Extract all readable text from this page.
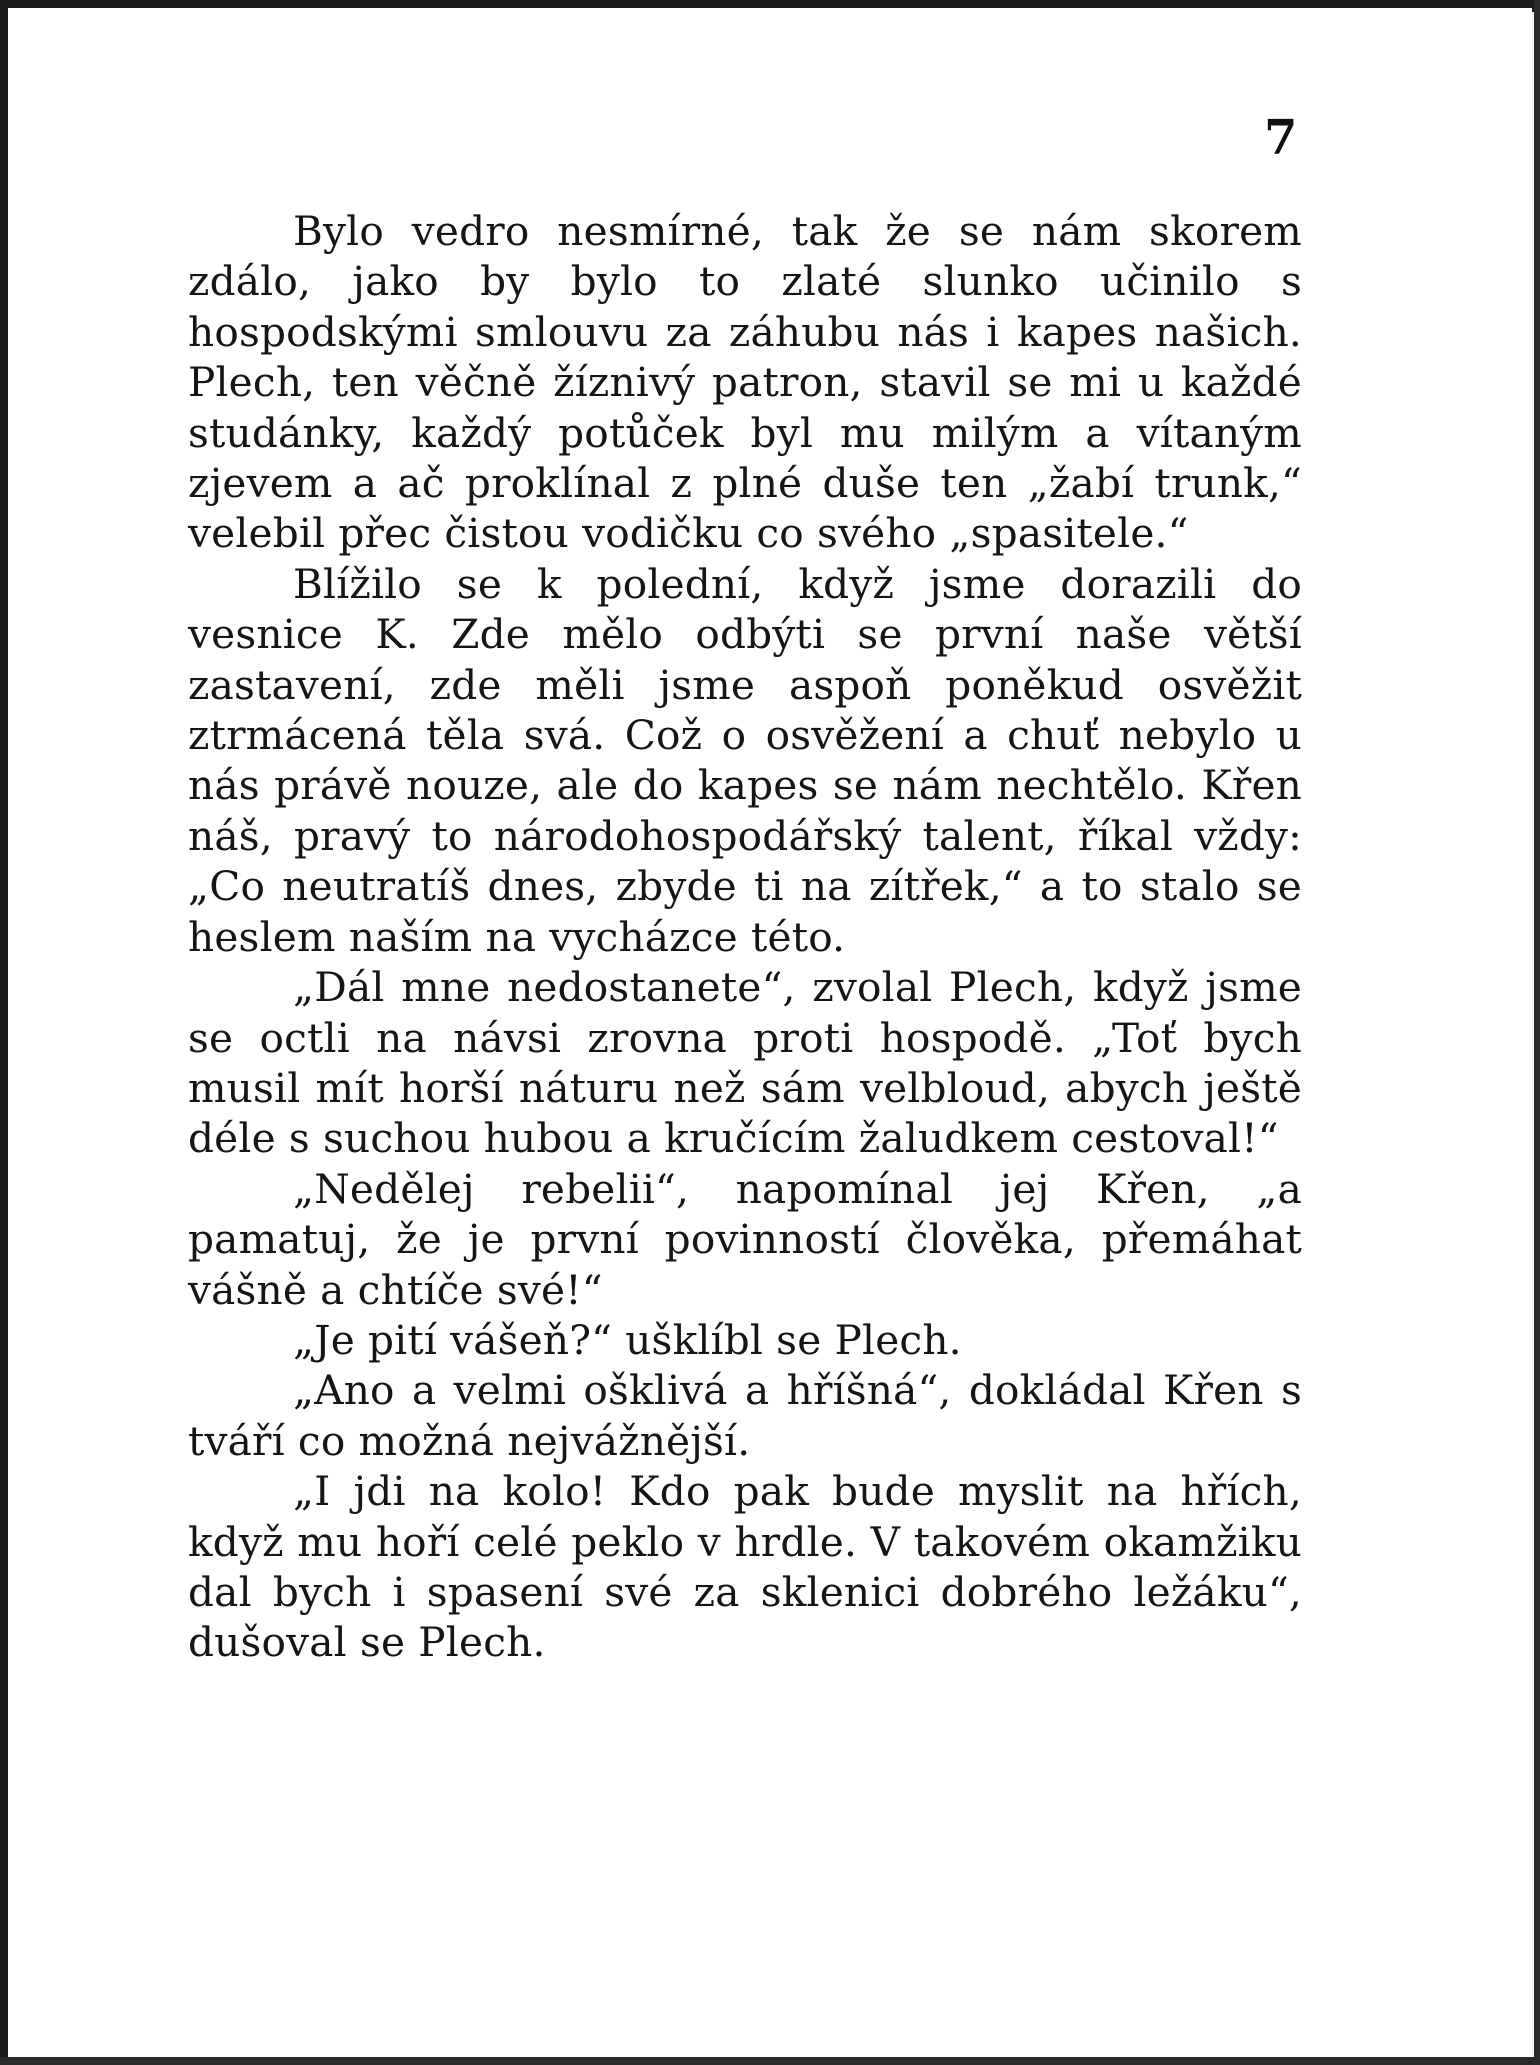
7

Bylo vedro nesmírné, tak že se nám skorem zdálo, jako by bylo to zlaté slunko učinilo s hospodskými smlouvu za záhubu nás i kapes našich. Plech, ten věčně žíznivý patron, stavil se mi u každé studánky, každý potůček byl mu milým a vítaným zjevem a ač proklínal z plné duše ten „žabí trunk,“ velebil přec čistou vodičku co svého „spasitele.“

Blížilo se k polední, když jsme dorazili do vesnice K. Zde mělo odbýti se první naše větší zastavení, zde měli jsme aspoň poněkud osvěžit ztrmácená těla svá. Což o osvěžení a chuť nebylo u nás právě nouze, ale do kapes se nám nechtělo. Křen náš, pravý to národohospodářský talent, říkal vždy: „Co neutratíš dnes, zbyde ti na zítřek,“ a to stalo se heslem naším na vycházce této.

„Dál mne nedostanete“, zvolal Plech, když jsme se octli na návsi zrovna proti hospodě. „Toť bych musil mít horší náturu než sám velbloud, abych ještě déle s suchou hubou a kručícím žaludkem cestoval!“

„Nedělej rebelii“, napomínal jej Křen, „a pamatuj, že je první povinností člověka, přemáhat vášně a chtíče své!“

„Je pití vášeň?“ ušklíbl se Plech.

„Ano a velmi ošklivá a hříšná“, dokládal Křen s tváří co možná nejvážnější.

„I jdi na kolo! Kdo pak bude myslit na hřích, když mu hoří celé peklo v hrdle. V takovém okamžiku dal bych i spasení své za sklenici dobrého ležáku“, dušoval se Plech.
